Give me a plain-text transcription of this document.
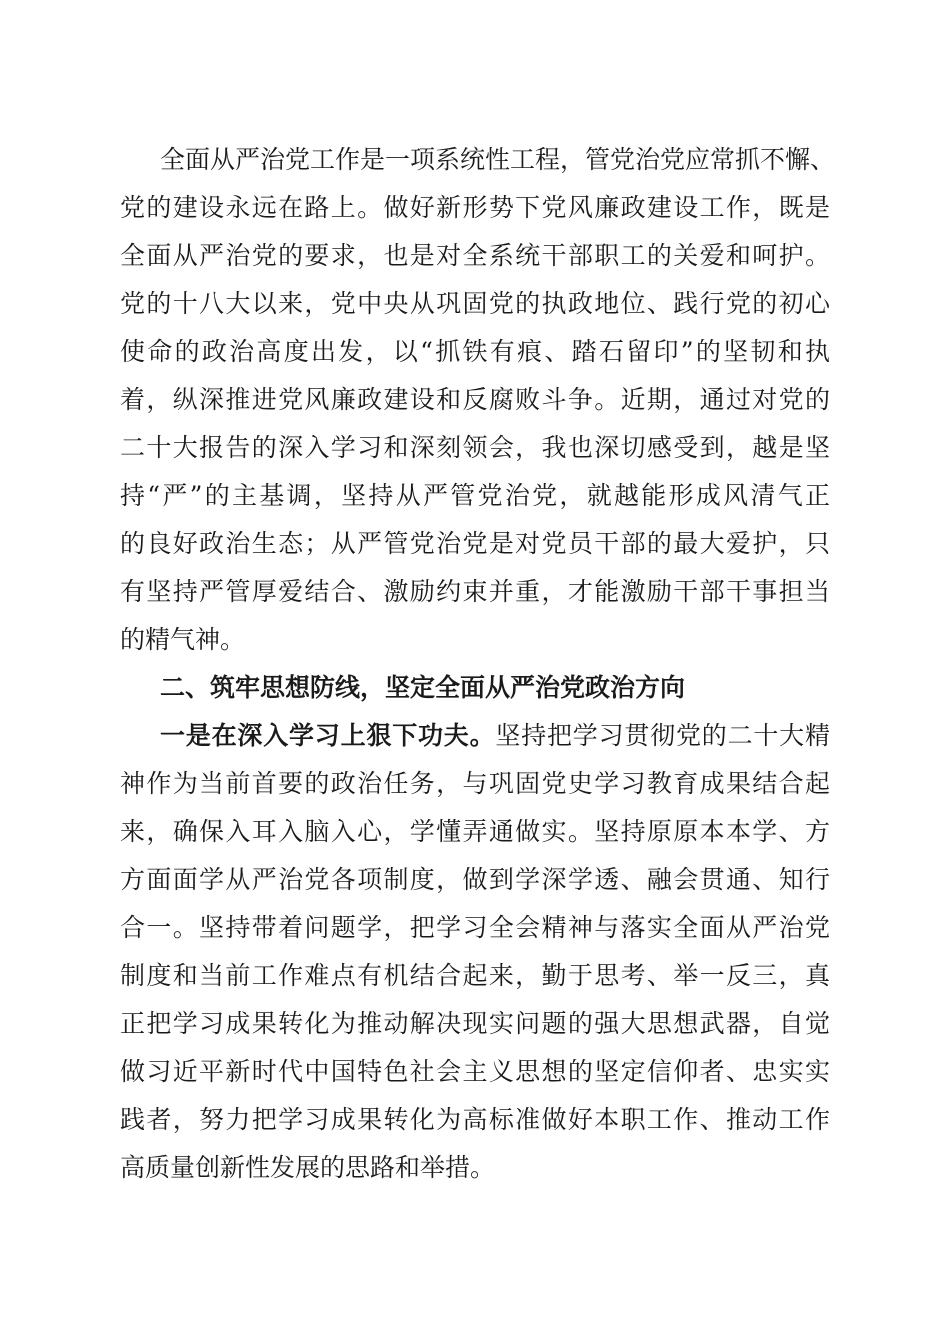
全面从严治党工作是一项系统性工程，管党治党应常抓不懈、

党的建设永远在路上。做好新形势下党风廉政建设工作，既是

全面从严治党的要求，也是对全系统干部职工的关爱和呵护。

党的十八大以来，党中央从巩固党的执政地位、践行党的初心

使命的政治高度出发，以“抓铁有痕、踏石留印”的坚韧和执

着，纵深推进党风廉政建设和反腐败斗争。近期，通过对党的

二十大报告的深入学习和深刻领会，我也深切感受到，越是坚

持“严”的主基调，坚持从严管党治党，就越能形成风清气正

的良好政治生态；从严管党治党是对党员干部的最大爱护，只

有坚持严管厚爱结合、激励约束并重，才能激励干部干事担当

的精气神。

二、筑牢思想防线，坚定全面从严治党政治方向

一是在深入学习上狠下功夫。坚持把学习贯彻党的二十大精

神作为当前首要的政治任务，与巩固党史学习教育成果结合起

来，确保入耳入脑入心，学懂弄通做实。坚持原原本本学、方

方面面学从严治党各项制度，做到学深学透、融会贯通、知行

合一。坚持带着问题学，把学习全会精神与落实全面从严治党

制度和当前工作难点有机结合起来，勤于思考、举一反三，真

正把学习成果转化为推动解决现实问题的强大思想武器，自觉

做习近平新时代中国特色社会主义思想的坚定信仰者、忠实实

践者，努力把学习成果转化为高标准做好本职工作、推动工作

高质量创新性发展的思路和举措。
